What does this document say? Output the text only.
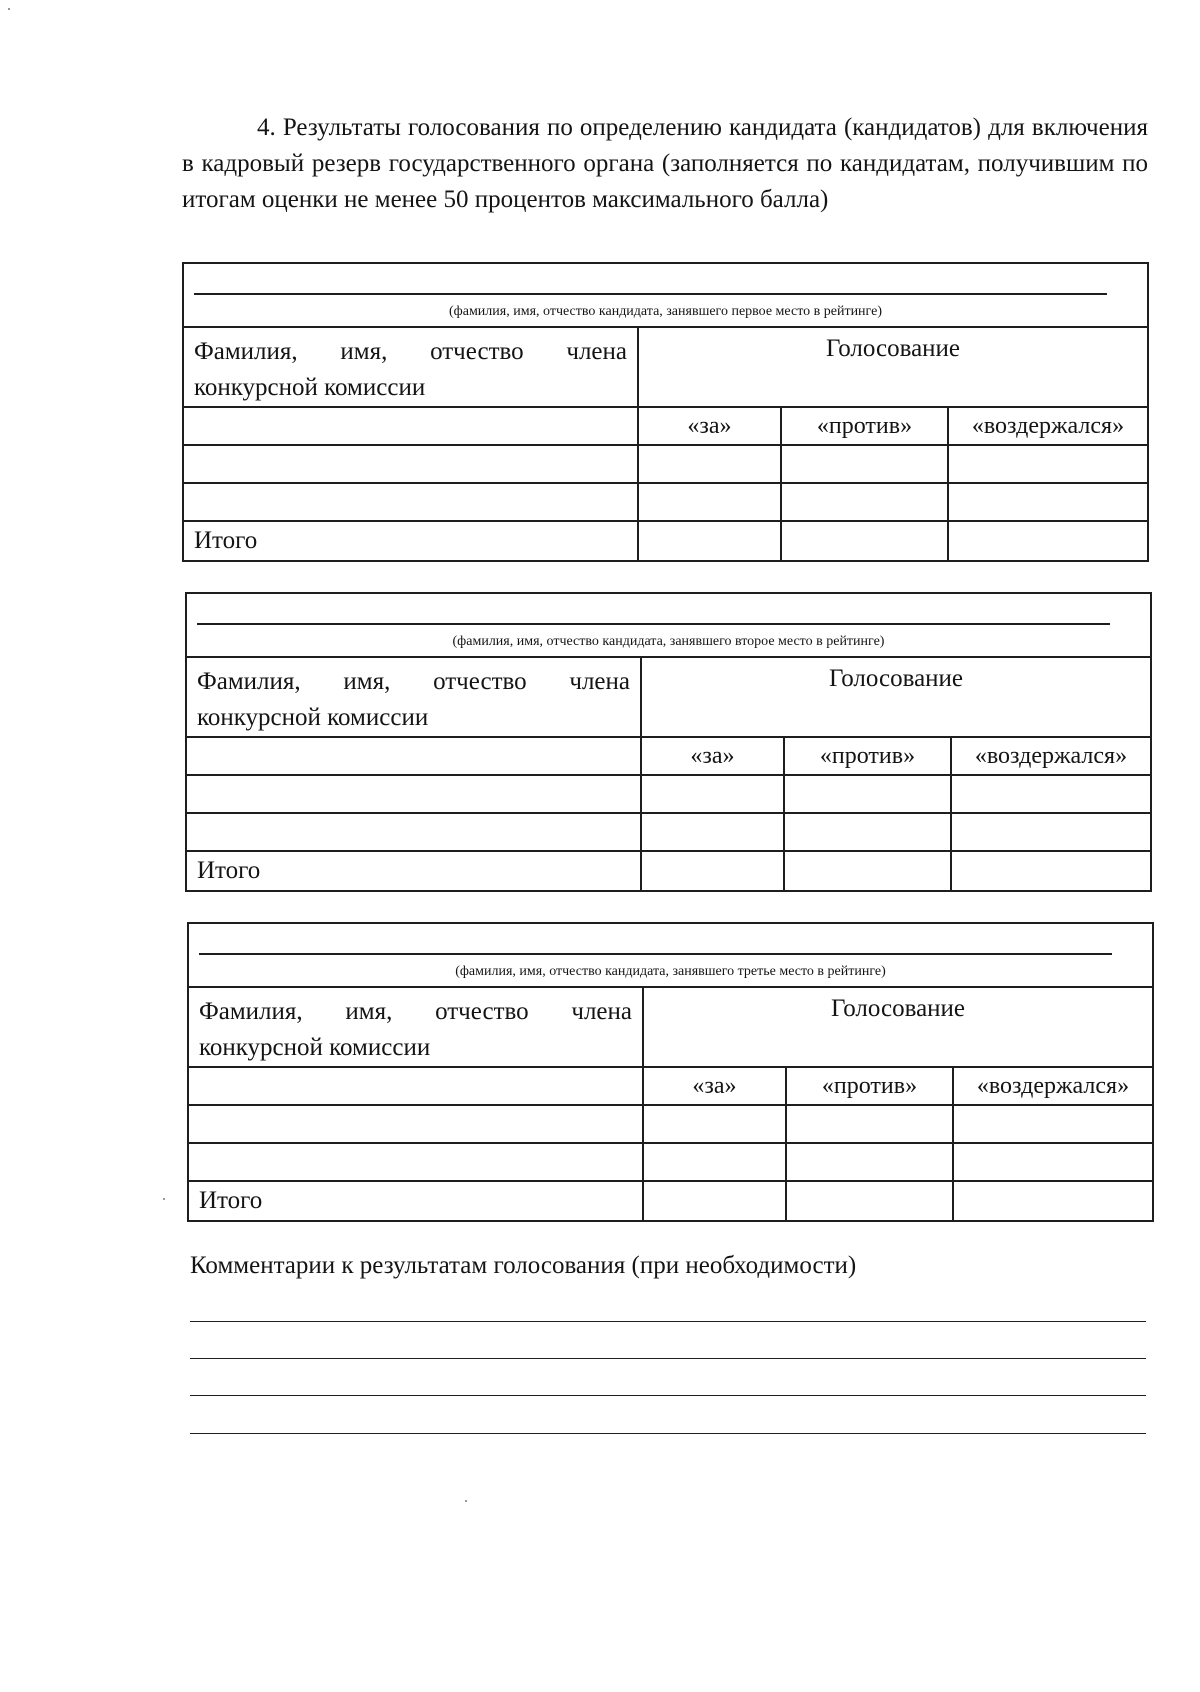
4. Результаты голосования по определению кандидата (кандидатов) для включения в кадровый резерв государственного органа (заполняется по кандидатам, получившим по итогам оценки не менее 50 процентов максимального балла)

(фамилия, имя, отчество кандидата, занявшего первое место в рейтинге)			

Фамилия, имя, отчество члена конкурсной комиссии	Голосование		
	«за»	«против»	«воздержался»

Итого			
(фамилия, имя, отчество кандидата, занявшего второе место в рейтинге)			

Фамилия, имя, отчество члена конкурсной комиссии	Голосование		
	«за»	«против»	«воздержался»

Итого			
(фамилия, имя, отчество кандидата, занявшего третье место в рейтинге)			

Фамилия, имя, отчество члена конкурсной комиссии	Голосование		
	«за»	«против»	«воздержался»

Итого			

Комментарии к результатам голосования (при необходимости)
